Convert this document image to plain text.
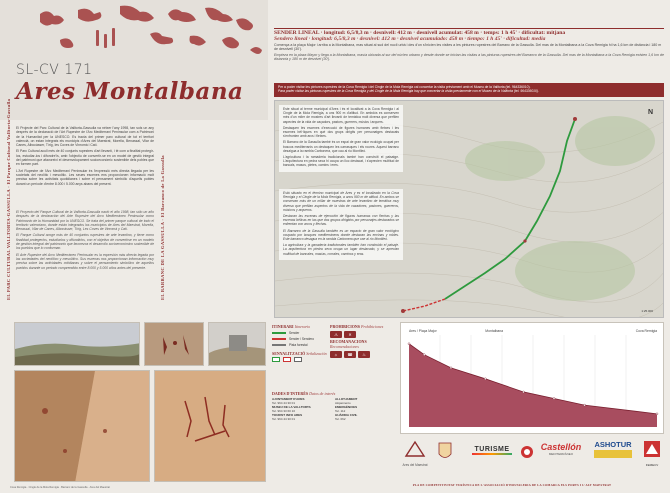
SL-CV 171
Ares Montalbana
EL PARC CULTURAL VALLTORTA-GASSULLA · El Parque Cultural Valltorta-Gassulla	EL BARRANC DE LA GASSULLA · El Barranco de La Gassulla

El Projecte del Parc Cultural de la Valltorta-Gassulla va néixer l'any 1998, tan sols un any després de la declaració de l'Art Rupestre de l'Arc Mediterrani Peninsular com a Patrimoni de la Humanitat per la UNESCO. Es tracta del primer parc cultural de tot el territori valencià, on estan integrats els municipis d'Ares del Maestrat, Morella, Benassal, Vilar de Canes, Albocàsser, Tírig, les Coves de Vinromà i Catí.

El Parc Cultural acull més de 40 conjunts rupestres d'art llevantí, i té com a finalitat protegir-los, estudiar-los i difondre'ls, amb l'objectiu de convertir-se en un model de gestió integral del patrimoni que afavoreixi el desenvolupament socioeconòmic sostenible dels pobles que en formen part.

L'Art Rupestre de l'Arc Mediterrani Peninsular és l'expressió més directa llegada per les societats del neolític i mesolític. Les seues escenes ens proporcionen informació molt precisa sobre les activitats quotidianes i sobre el pensament simbòlic d'aquells pobles durant un període d'entre 8.000 i 5.000 anys abans del present.

El Proyecto del Parque Cultural de la Valltorta-Gassulla nació el año 1998, tan sólo un año después de la declaración del Arte Rupestre del Arco Mediterráneo Peninsular como Patrimonio de la Humanidad por la UNESCO. Se trata del primer parque cultural de todo el territorio valenciano, donde están integrados los municipios de Ares del Maestrat, Morella, Benassal, Vilar de Canes, Albocàsser, Tírig, Les Coves de Vinromà y Catí.

El Parque Cultural acoge más de 40 conjuntos rupestres de arte levantino, y tiene como finalidad protegerlos, estudiarlos y difundirlos, con el objetivo de convertirse en un modelo de gestión integral del patrimonio que favorezca el desarrollo socioeconómico sostenible de los pueblos que lo conforman.

El Arte Rupestre del Arco Mediterráneo Peninsular es la expresión más directa legada por las sociedades del neolítico y mesolítico. Sus escenas nos proporcionan información muy precisa sobre las actividades cotidianas y sobre el pensamiento simbólico de aquellos pueblos durante un periodo comprendido entre 8.000 y 5.000 años antes del presente.

SENDER LINEAL · longitud: 6,5/8,3 m · desnivell: 412 m · desnivell acumulat: 458 m · temps: 1 h 45' · dificultat: mitjana
Sendero lineal · longitud: 6,5/8,3 m · desnivel: 412 m · desnivel acumulado: 458 m · tiempo: 1 h 45' · dificultad: media
Comença a la plaça Major i arriba a la Montalbana, mas situat al sud del nucli urbà i des d'on s'inicien les visites a les pintures rupestres del Barranc de la Gassulla. Del mas de la Montalbana a la Cova Remigia hi ha 1,6 km de distància i 180 m de desnivell (30').
Empieza en la plaza Mayor y llega a la Montalbana, masía ubicada al sur del núcleo urbano y desde donde se inician las visitas a las pinturas rupestres del Barranco de la Gassulla. Del mas de la Montalbana a la Cova Remigia existen 1,6 km de distancia y 180 m de desnivel (30').
Per a poder visitar les pintures rupestres de la Cova Remigia i del Cingle de la Mola Remigia cal concertar la visita prèviament amb el Museu de la Valltorta (tel. 964336010).
Para poder visitar las pinturas rupestres de la Cova Remigia y del Cingle de la Mola Remigia hay que concertar la visita previamente con el Museo de la Valltorta (tel. 964336010).

Este situat al terme municipal d'Ares i és el localitzat a la Cova Remigia i al Cingle de la Mola Remigia, a uns 900 m d'altitud. En ambdós es conserven més d'un miler de mostres d'art llevantí de temàtica molt diversa que perfilen aspectes de la vida de caçadors, pastors, guerrers, músics i arquers.

Destaquen les escenes d'execució de figures humanes amb fletxes i les escenes bèl·liques en què dos grups dirigits per personatges destacats s'enfronten amb arcs i fletxes.

El Barranc de la Gassulla també és un espai de gran valor ecològic ocupat per boscos mediterranis on destaquen les carrasques i els roures. Aquest barranc desaigua a la rambla Carbonera, que cau al riu Montlleó.

L'agricultura i la ramaderia tradicionals també han construït el paisatge. L'arquitectura en pedra seca hi ocupa un lloc destacat, i s'aprecien multitud de bancals, masos, pletes, camins i eres.

Está situado en el término municipal de Ares y es el localizado en la Cova Remigia y el Cingle de la Mola Remigia, a unos 900 m de altitud. En ambos se conservan más de un millar de muestras de arte levantino de temática muy diversa que perfilan aspectos de la vida de cazadores, pastores, guerreros, músicos y arqueros.

Destacan las escenas de ejecución de figuras humanas con flechas y las escenas bélicas en las que dos grupos dirigidos por personajes destacados se enfrentan con arcos y flechas.

El Barranco de la Gassulla también es un espacio de gran valor ecológico ocupado por bosques mediterráneos donde destacan las encinas y robles. Este barranco desagua en la rambla Carbonera que cae al río Montlleó.

La agricultura y la ganadería tradicionales también han construido el paisaje. La arquitectura en piedra seca ocupa un lugar destacado, y se aprecian multitud de bancales, masías, corrales, caminos y eras.

N
1:25.000
Cova Remigia · Cingle de la Mola Remigia · Barranc de la Gassulla · Ares del Maestrat
ITINERARI Itinerario
Sender
Sender / Sendero
Pista forestal
SENYALITZACIÓ Señalización
PROHIBICIONS Prohibiciones
⚠	✕
RECOMANACIONS Recomendaciones
☼	☎	♨
DADES D'INTERÈS Datos de interés
AJUNTAMENT D'ARES
Tel. 964 44 30 01
MUSEU DE LA VALLTORTA
Tel. 964 33 60 10
TOURIST INFO ARES
Tel. 964 44 30 01
ALLOTJAMENT
Alojamiento
EMERGÈNCIES
Tel. 112
GUÀRDIA CIVIL
Tel. 062
Ares / Plaça Major	Montalbana	Cova Remigia
Ares del Maestrat
TURISME	Castellón
MEDITERRÀNEO
ASHOTUR
FEMECV
PLA DE COMPETITIVITAT TURÍSTICA DE L'ASSOCIACIÓ D'HOSTALERIA DE LA COMARCA ELS PORTS I L'ALT MAESTRAT
